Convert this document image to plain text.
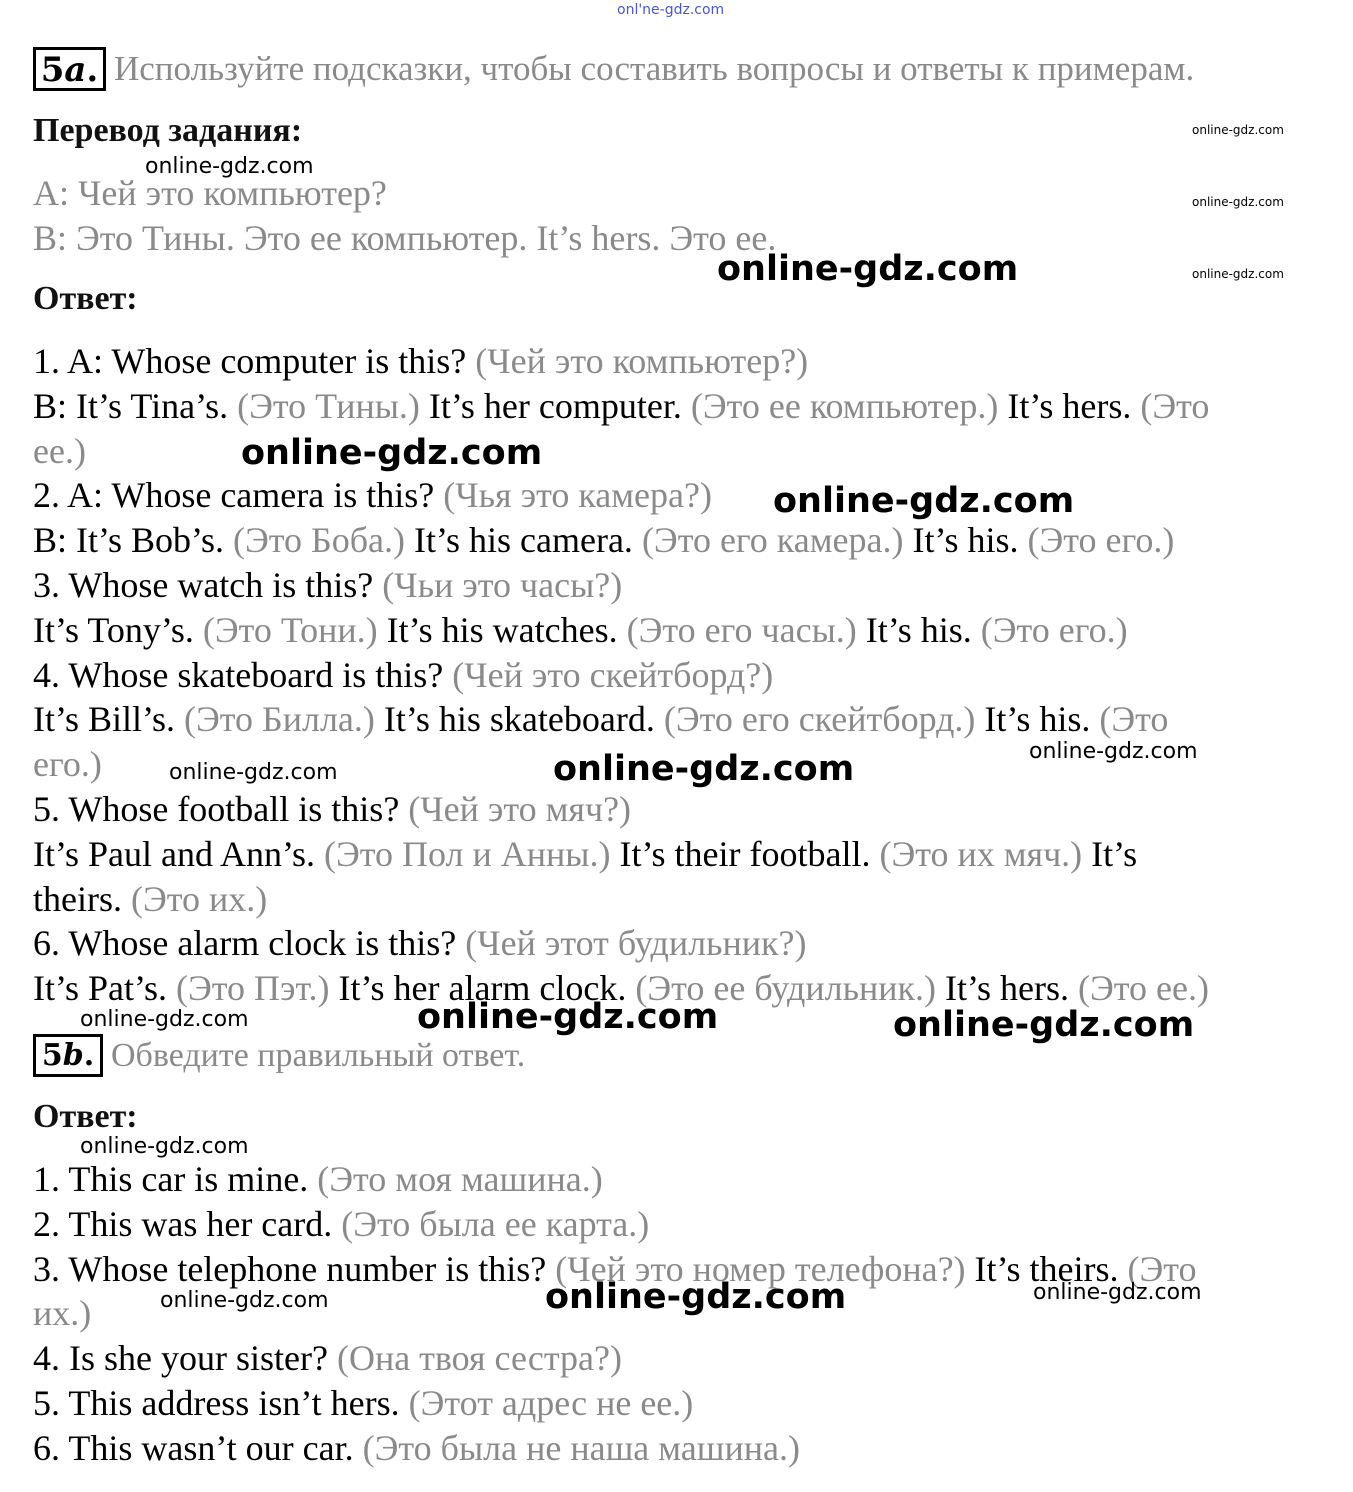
5a. Используйте подсказки, чтобы составить вопросы и ответы к примерам.
Перевод задания:
A: Чей это компьютер?
B: Это Тины. Это ее компьютер. It’s hers. Это ее.
Ответ:
1. A: Whose computer is this? (Чей это компьютер?)
B: It’s Tina’s. (Это Тины.) It’s her computer. (Это ее компьютер.) It’s hers. (Это
ее.)
2. A: Whose camera is this? (Чья это камера?)
B: It’s Bob’s. (Это Боба.) It’s his camera. (Это его камера.) It’s his. (Это его.)
3. Whose watch is this? (Чьи это часы?)
It’s Tony’s. (Это Тони.) It’s his watches. (Это его часы.) It’s his. (Это его.)
4. Whose skateboard is this? (Чей это скейтборд?)
It’s Bill’s. (Это Билла.) It’s his skateboard. (Это его скейтборд.) It’s his. (Это
его.)
5. Whose football is this? (Чей это мяч?)
It’s Paul and Ann’s. (Это Пол и Анны.) It’s their football. (Это их мяч.) It’s
theirs. (Это их.)
6. Whose alarm clock is this? (Чей этот будильник?)
It’s Pat’s. (Это Пэт.) It’s her alarm clock. (Это ее будильник.) It’s hers. (Это ее.)
5b. Обведите правильный ответ.
Ответ:
1. This car is mine. (Это моя машина.)
2. This was her card. (Это была ее карта.)
3. Whose telephone number is this? (Чей это номер телефона?) It’s theirs. (Это
их.)
4. Is she your sister? (Она твоя сестра?)
5. This address isn’t hers. (Этот адрес не ее.)
6. This wasn’t our car. (Это была не наша машина.)
onl'ne-gdz.com
online-gdz.com
online-gdz.com
online-gdz.com
online-gdz.com
online-gdz.com
online-gdz.com
online-gdz.com
online-gdz.com
online-gdz.com	online-gdz.com
online-gdz.com	online-gdz.com	online-gdz.com
online-gdz.com
online-gdz.com	online-gdz.com	online-gdz.com
